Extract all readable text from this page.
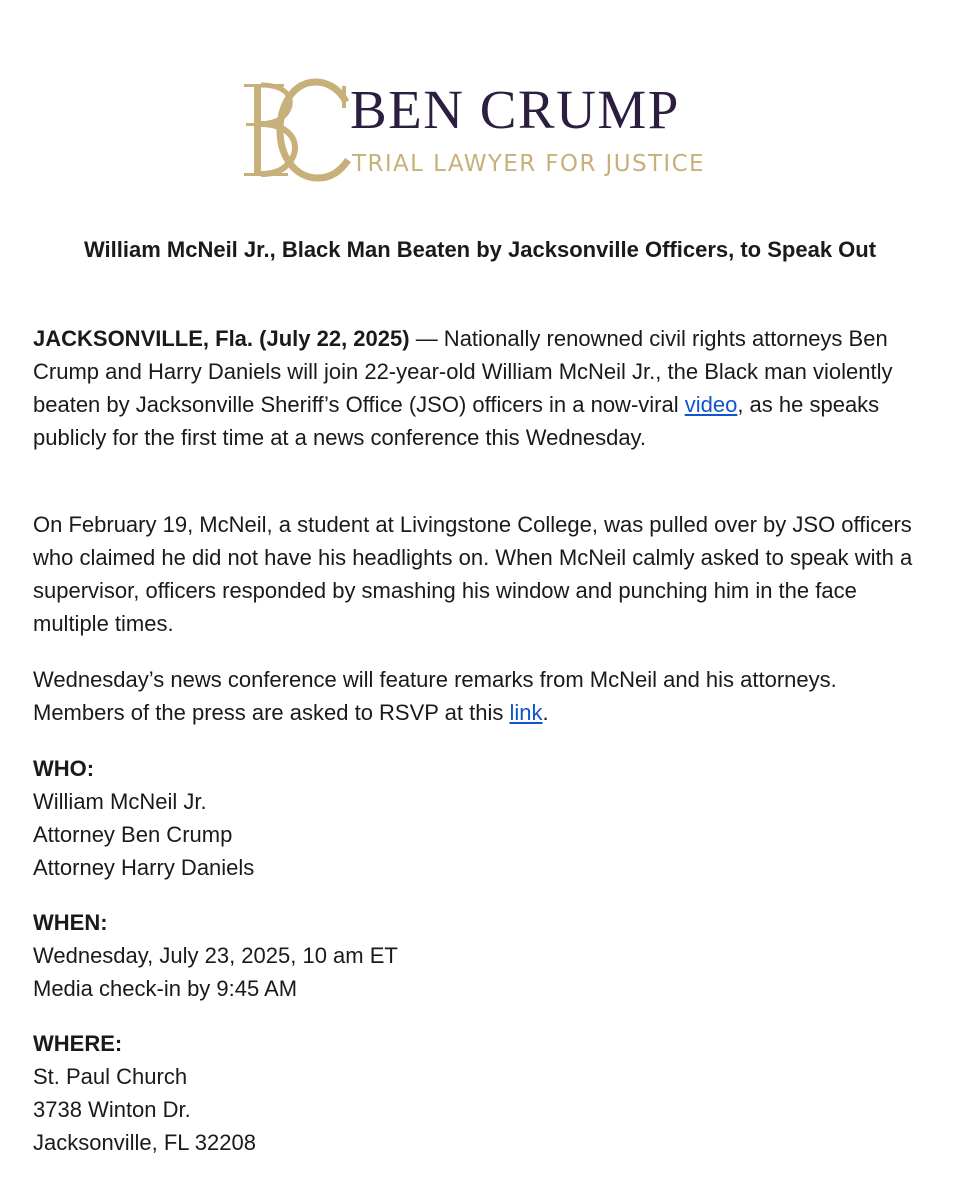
BEN CRUMP
TRIAL LAWYER FOR JUSTICE
William McNeil Jr., Black Man Beaten by Jacksonville Officers, to Speak Out

JACKSONVILLE, Fla. (July 22, 2025) — Nationally renowned civil rights attorneys Ben Crump and Harry Daniels will join 22-year-old William McNeil Jr., the Black man violently beaten by Jacksonville Sheriff’s Office (JSO) officers in a now-viral video, as he speaks publicly for the first time at a news conference this Wednesday.

On February 19, McNeil, a student at Livingstone College, was pulled over by JSO officers who claimed he did not have his headlights on. When McNeil calmly asked to speak with a supervisor, officers responded by smashing his window and punching him in the face multiple times.

Wednesday’s news conference will feature remarks from McNeil and his attorneys. Members of the press are asked to RSVP at this link.

WHO:
William McNeil Jr.
Attorney Ben Crump
Attorney Harry Daniels
WHEN:
Wednesday, July 23, 2025, 10 am ET
Media check-in by 9:45 AM
WHERE:
St. Paul Church
3738 Winton Dr.
Jacksonville, FL 32208
